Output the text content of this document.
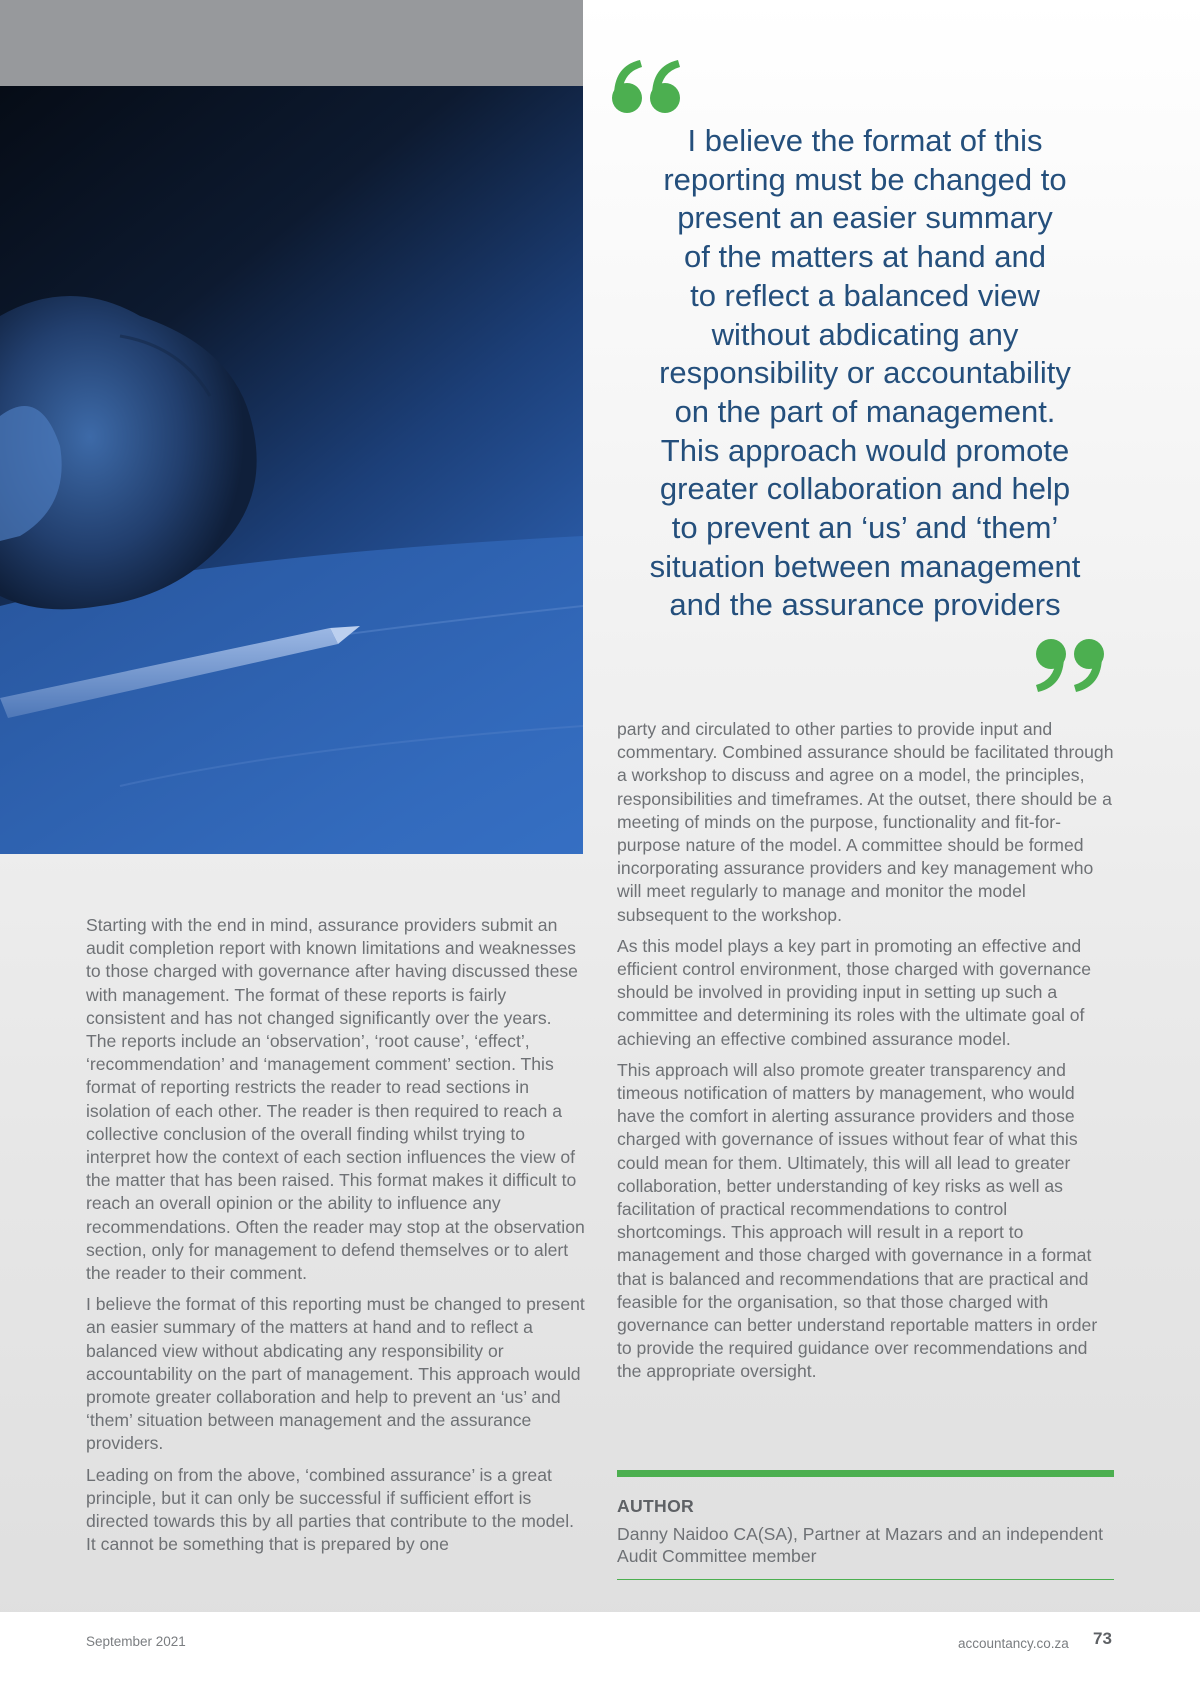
I believe the format of this
reporting must be changed to
present an easier summary
of the matters at hand and
to reflect a balanced view
without abdicating any
responsibility or accountability
on the part of management.
This approach would promote
greater collaboration and help
to prevent an ‘us’ and ‘them’
situation between management
and the assurance providers

Starting with the end in mind, assurance providers submit an audit completion report with known limitations and weaknesses to those charged with governance after having discussed these with management. The format of these reports is fairly consistent and has not changed significantly over the years. The reports include an ‘observation’, ‘root cause’, ‘effect’, ‘recommendation’ and ‘management comment’ section. This format of reporting restricts the reader to read sections in isolation of each other. The reader is then required to reach a collective conclusion of the overall finding whilst trying to interpret how the context of each section influences the view of the matter that has been raised. This format makes it difficult to reach an overall opinion or the ability to influence any recommendations. Often the reader may stop at the observation section, only for management to defend themselves or to alert the reader to their comment.

I believe the format of this reporting must be changed to present an easier summary of the matters at hand and to reflect a balanced view without abdicating any responsibility or accountability on the part of management. This approach would promote greater collaboration and help to prevent an ‘us’ and ‘them’ situation between management and the assurance providers.

Leading on from the above, ‘combined assurance’ is a great principle, but it can only be successful if sufficient effort is directed towards this by all parties that contribute to the model. It cannot be something that is prepared by one

party and circulated to other parties to provide input and commentary. Combined assurance should be facilitated through a workshop to discuss and agree on a model, the principles, responsibilities and timeframes. At the outset, there should be a meeting of minds on the purpose, functionality and fit-for-purpose nature of the model. A committee should be formed incorporating assurance providers and key management who will meet regularly to manage and monitor the model subsequent to the workshop.

As this model plays a key part in promoting an effective and efficient control environment, those charged with governance should be involved in providing input in setting up such a committee and determining its roles with the ultimate goal of achieving an effective combined assurance model.

This approach will also promote greater transparency and timeous notification of matters by management, who would have the comfort in alerting assurance providers and those charged with governance of issues without fear of what this could mean for them. Ultimately, this will all lead to greater collaboration, better understanding of key risks as well as facilitation of practical recommendations to control shortcomings. This approach will result in a report to management and those charged with governance in a format that is balanced and recommendations that are practical and feasible for the organisation, so that those charged with governance can better understand reportable matters in order to provide the required guidance over recommendations and the appropriate oversight.

AUTHOR
Danny Naidoo CA(SA), Partner at Mazars and an independent Audit Committee member
September 2021	accountancy.co.za 73
